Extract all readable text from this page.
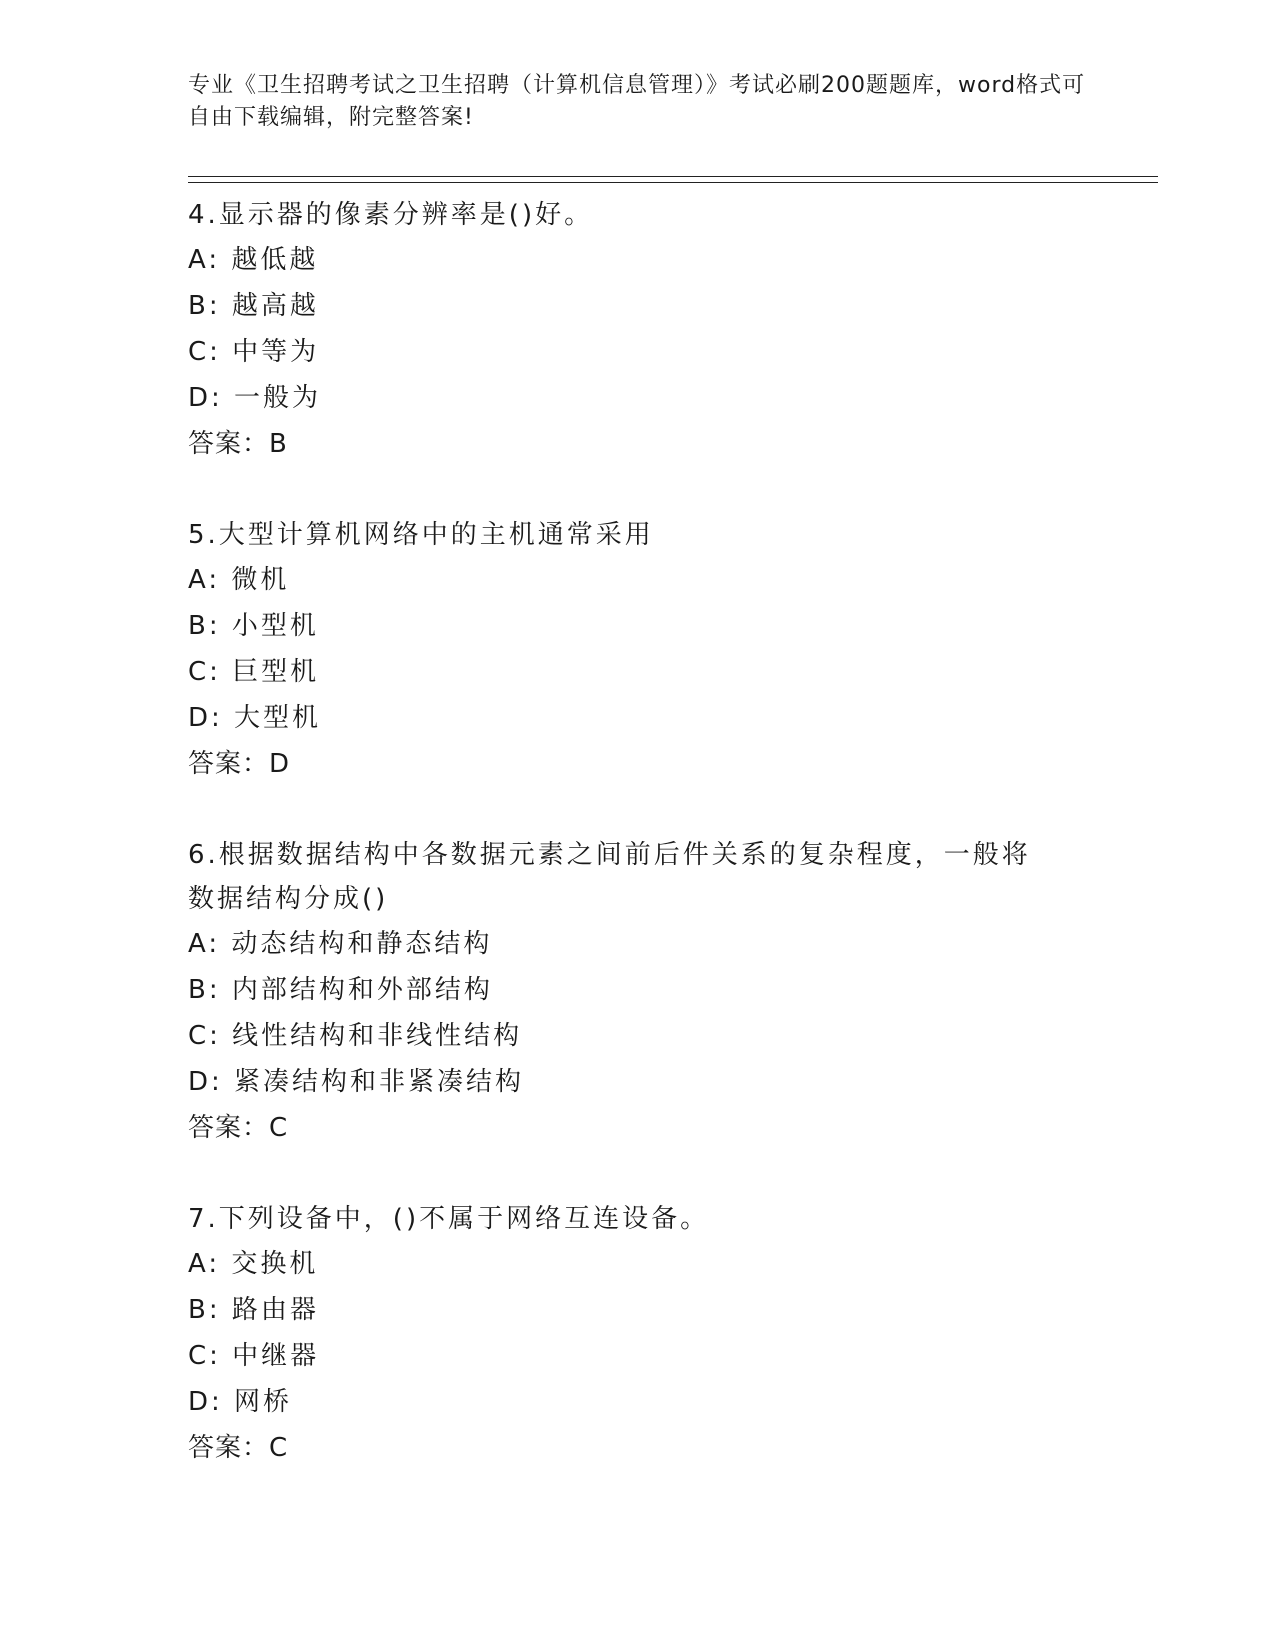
专业《卫生招聘考试之卫生招聘（计算机信息管理）》考试必刷200题题库，word格式可自由下载编辑，附完整答案!
4.显示器的像素分辨率是()好。
A: 越低越
B: 越高越
C: 中等为
D: 一般为
答案：B
5.大型计算机网络中的主机通常采用
A: 微机
B: 小型机
C: 巨型机
D: 大型机
答案：D
6.根据数据结构中各数据元素之间前后件关系的复杂程度，一般将数据结构分成()
A: 动态结构和静态结构
B: 内部结构和外部结构
C: 线性结构和非线性结构
D: 紧凑结构和非紧凑结构
答案：C
7.下列设备中，()不属于网络互连设备。
A: 交换机
B: 路由器
C: 中继器
D: 网桥
答案：C
